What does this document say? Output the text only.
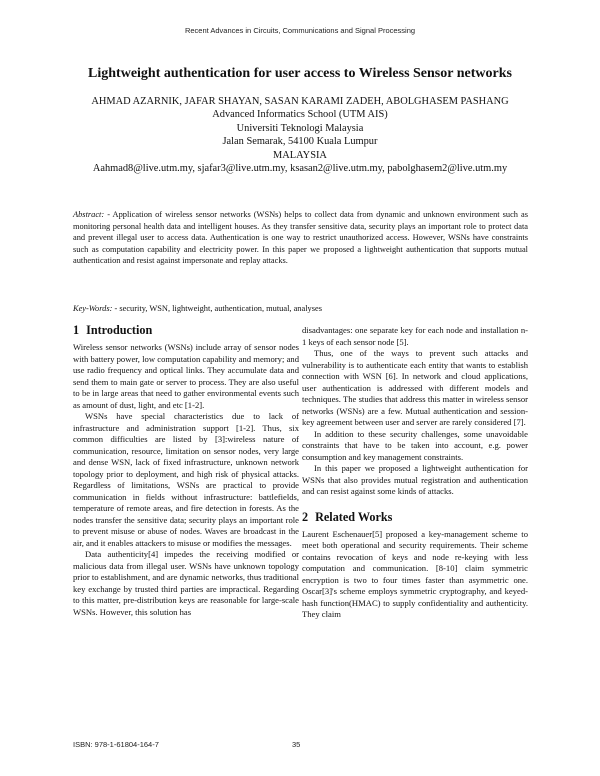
Recent Advances in Circuits, Communications and Signal Processing
Lightweight authentication for user access to Wireless Sensor networks
AHMAD AZARNIK, JAFAR SHAYAN, SASAN KARAMI ZADEH, ABOLGHASEM PASHANG
Advanced Informatics School (UTM AIS)
Universiti Teknologi Malaysia
Jalan Semarak, 54100 Kuala Lumpur
MALAYSIA
Aahmad8@live.utm.my, sjafar3@live.utm.my, ksasan2@live.utm.my, pabolghasem2@live.utm.my
Abstract: - Application of wireless sensor networks (WSNs) helps to collect data from dynamic and unknown environment such as monitoring personal health data and intelligent houses. As they transfer sensitive data, security plays an important role to protect data and prevent illegal user to access data. Authentication is one way to restrict unauthorized access. However, WSNs have constraints such as computation capability and electricity power. In this paper we proposed a lightweight authentication that supports mutual authentication and resist against impersonate and replay attacks.
Key-Words: - security, WSN, lightweight, authentication, mutual, analyses
1 Introduction

Wireless sensor networks (WSNs) include array of sensor nodes with battery power, low computation capability and memory; and use radio frequency and optical links. They accumulate data and send them to main gate or server to process. They are also useful to be in large areas that need to gather environmental events such as amount of dust, light, and etc [1-2].

WSNs have special characteristics due to lack of infrastructure and administration support [1-2]. Thus, six common difficulties are listed by [3]:wireless nature of communication, resource, limitation on sensor nodes, very large and dense WSN, lack of fixed infrastructure, unknown network topology prior to deployment, and high risk of physical attacks. Regardless of limitations, WSNs are practical to provide communication in fields without infrastructure: battlefields, temperature of remote areas, and fire detection in forests. As the nodes transfer the sensitive data; security plays an important role to prevent misuse or abuse of nodes. Waves are broadcast in the air, and it enables attackers to misuse or modifies the messages.

Data authenticity[4] impedes the receiving modified or malicious data from illegal user. WSNs have unknown topology prior to establishment, and are dynamic networks, thus traditional key exchange by trusted third parties are impractical. Regarding to this matter, pre-distribution keys are reasonable for large-scale WSNs. However, this solution has

disadvantages: one separate key for each node and installation n-1 keys of each sensor node [5].

Thus, one of the ways to prevent such attacks and vulnerability is to authenticate each entity that wants to establish connection with WSN [6]. In network and cloud applications, user authentication is addressed with different models and techniques. The studies that address this matter in wireless sensor networks (WSNs) are a few. Mutual authentication and session-key agreement between user and server are rarely considered [7].

In addition to these security challenges, some unavoidable constraints that have to be taken into account, e.g. power consumption and key management constraints.

In this paper we proposed a lightweight authentication for WSNs that also provides mutual registration and authentication and can resist against some kinds of attacks.

2 Related Works

Laurent Eschenauer[5] proposed a key-management scheme to meet both operational and security requirements. Their scheme contains revocation of keys and node re-keying with less computation and communication. [8-10] claim symmetric encryption is two to four times faster than asymmetric one. Oscar[3]'s scheme employs symmetric cryptography, and keyed-hash function(HMAC) to supply confidentiality and authenticity. They claim

ISBN: 978-1-61804-164-7	35
